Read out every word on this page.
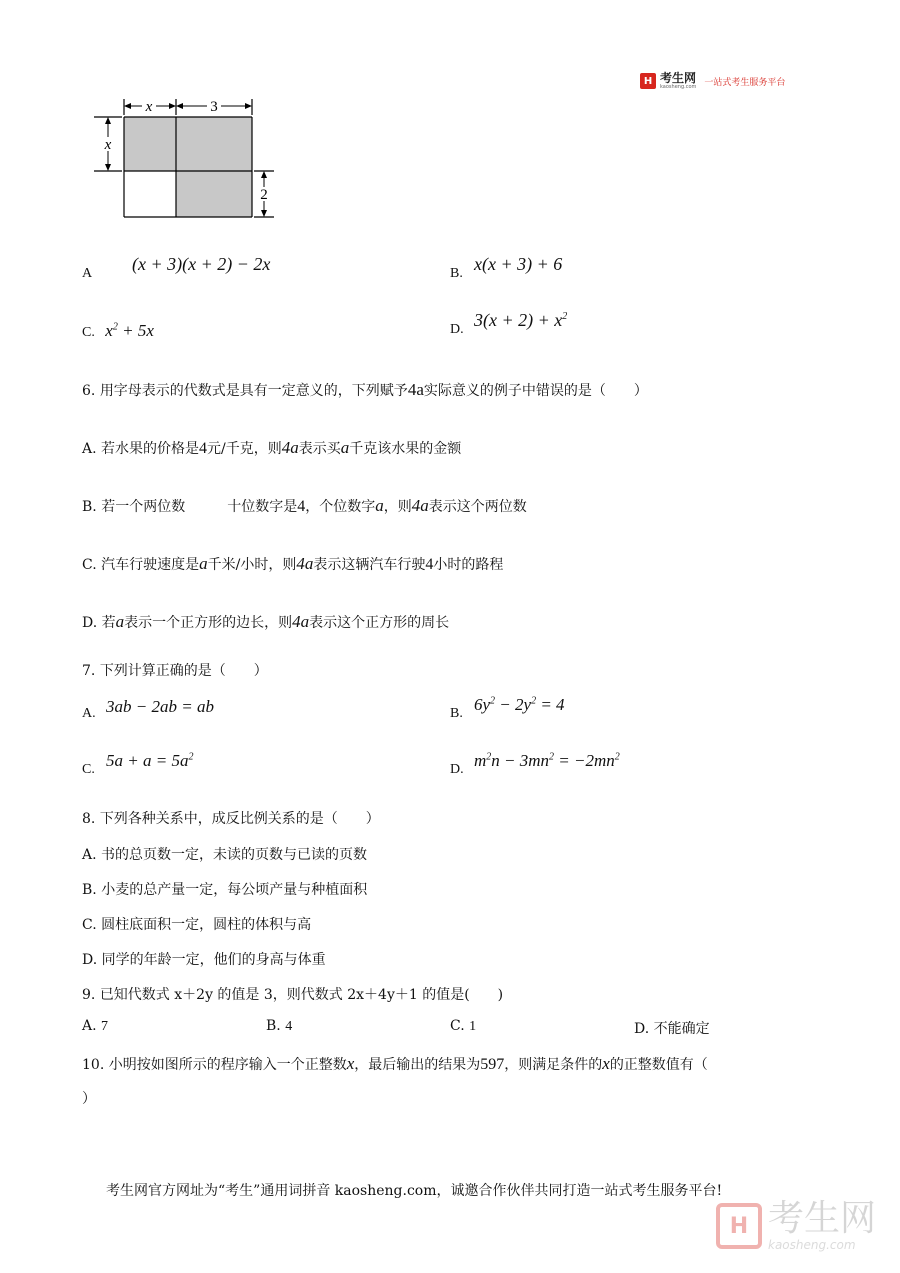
H 考生网
kaosheng.com 一站式考生服务平台
x	3
x
2
A (x + 3)(x + 2) − 2x	B. x(x + 3) + 6
C. $x^2 + 5x$	D. $3(x + 2) + x^2$
6. 用字母表示的代数式是具有一定意义的，下列赋予4a实际意义的例子中错误的是（　　）
A. 若水果的价格是4元/千克，则4a表示买a千克该水果的金额
B. 若一个两位数	十位数字是4，个位数字a，则4a表示这个两位数
C. 汽车行驶速度是a千米/小时，则4a表示这辆汽车行驶4小时的路程
D. 若a表示一个正方形的边长，则4a表示这个正方形的周长
7. 下列计算正确的是（　　）
A. 3ab − 2ab = ab	B. $6y^2 - 2y^2 = 4$
C. $5a + a = 5a^2$
D. $m^2n - 3mn^2 = -2mn^2$
8. 下列各种关系中，成反比例关系的是（　　）
A. 书的总页数一定，未读的页数与已读的页数
B. 小麦的总产量一定，每公顷产量与种植面积
C. 圆柱底面积一定，圆柱的体积与高
D. 同学的年龄一定，他们的身高与体重
9. 已知代数式 x＋2y 的值是 3，则代数式 2x＋4y＋1 的值是(　　)
A. 7	B. 4	C. 1	D. 不能确定
10. 小明按如图所示的程序输入一个正整数x，最后输出的结果为597，则满足条件的x的正整数值有（
）
考生网官方网址为“考生”通用词拼音 kaosheng.com，诚邀合作伙伴共同打造一站式考生服务平台!
H 考生网
kaosheng.com
